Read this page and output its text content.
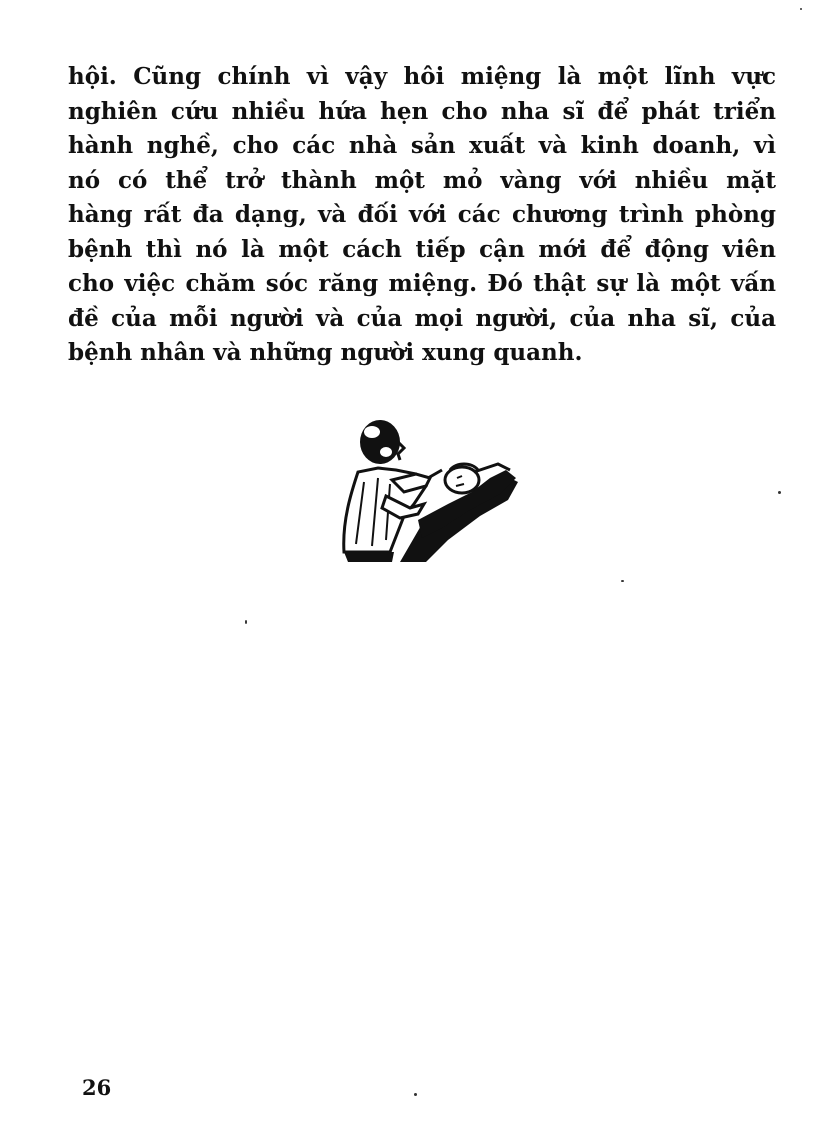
hội. Cũng chính vì vậy hôi miệng là một lĩnh vực
nghiên cứu nhiều hứa hẹn cho nha sĩ để phát triển
hành nghề, cho các nhà sản xuất và kinh doanh, vì
nó có thể trở thành một mỏ vàng với nhiều mặt
hàng rất đa dạng, và đối với các chương trình phòng
bệnh thì nó là một cách tiếp cận mới để động viên
cho việc chăm sóc răng miệng. Đó thật sự là một vấn
đề của mỗi người và của mọi người, của nha sĩ, của
bệnh nhân và những người xung quanh.
26
